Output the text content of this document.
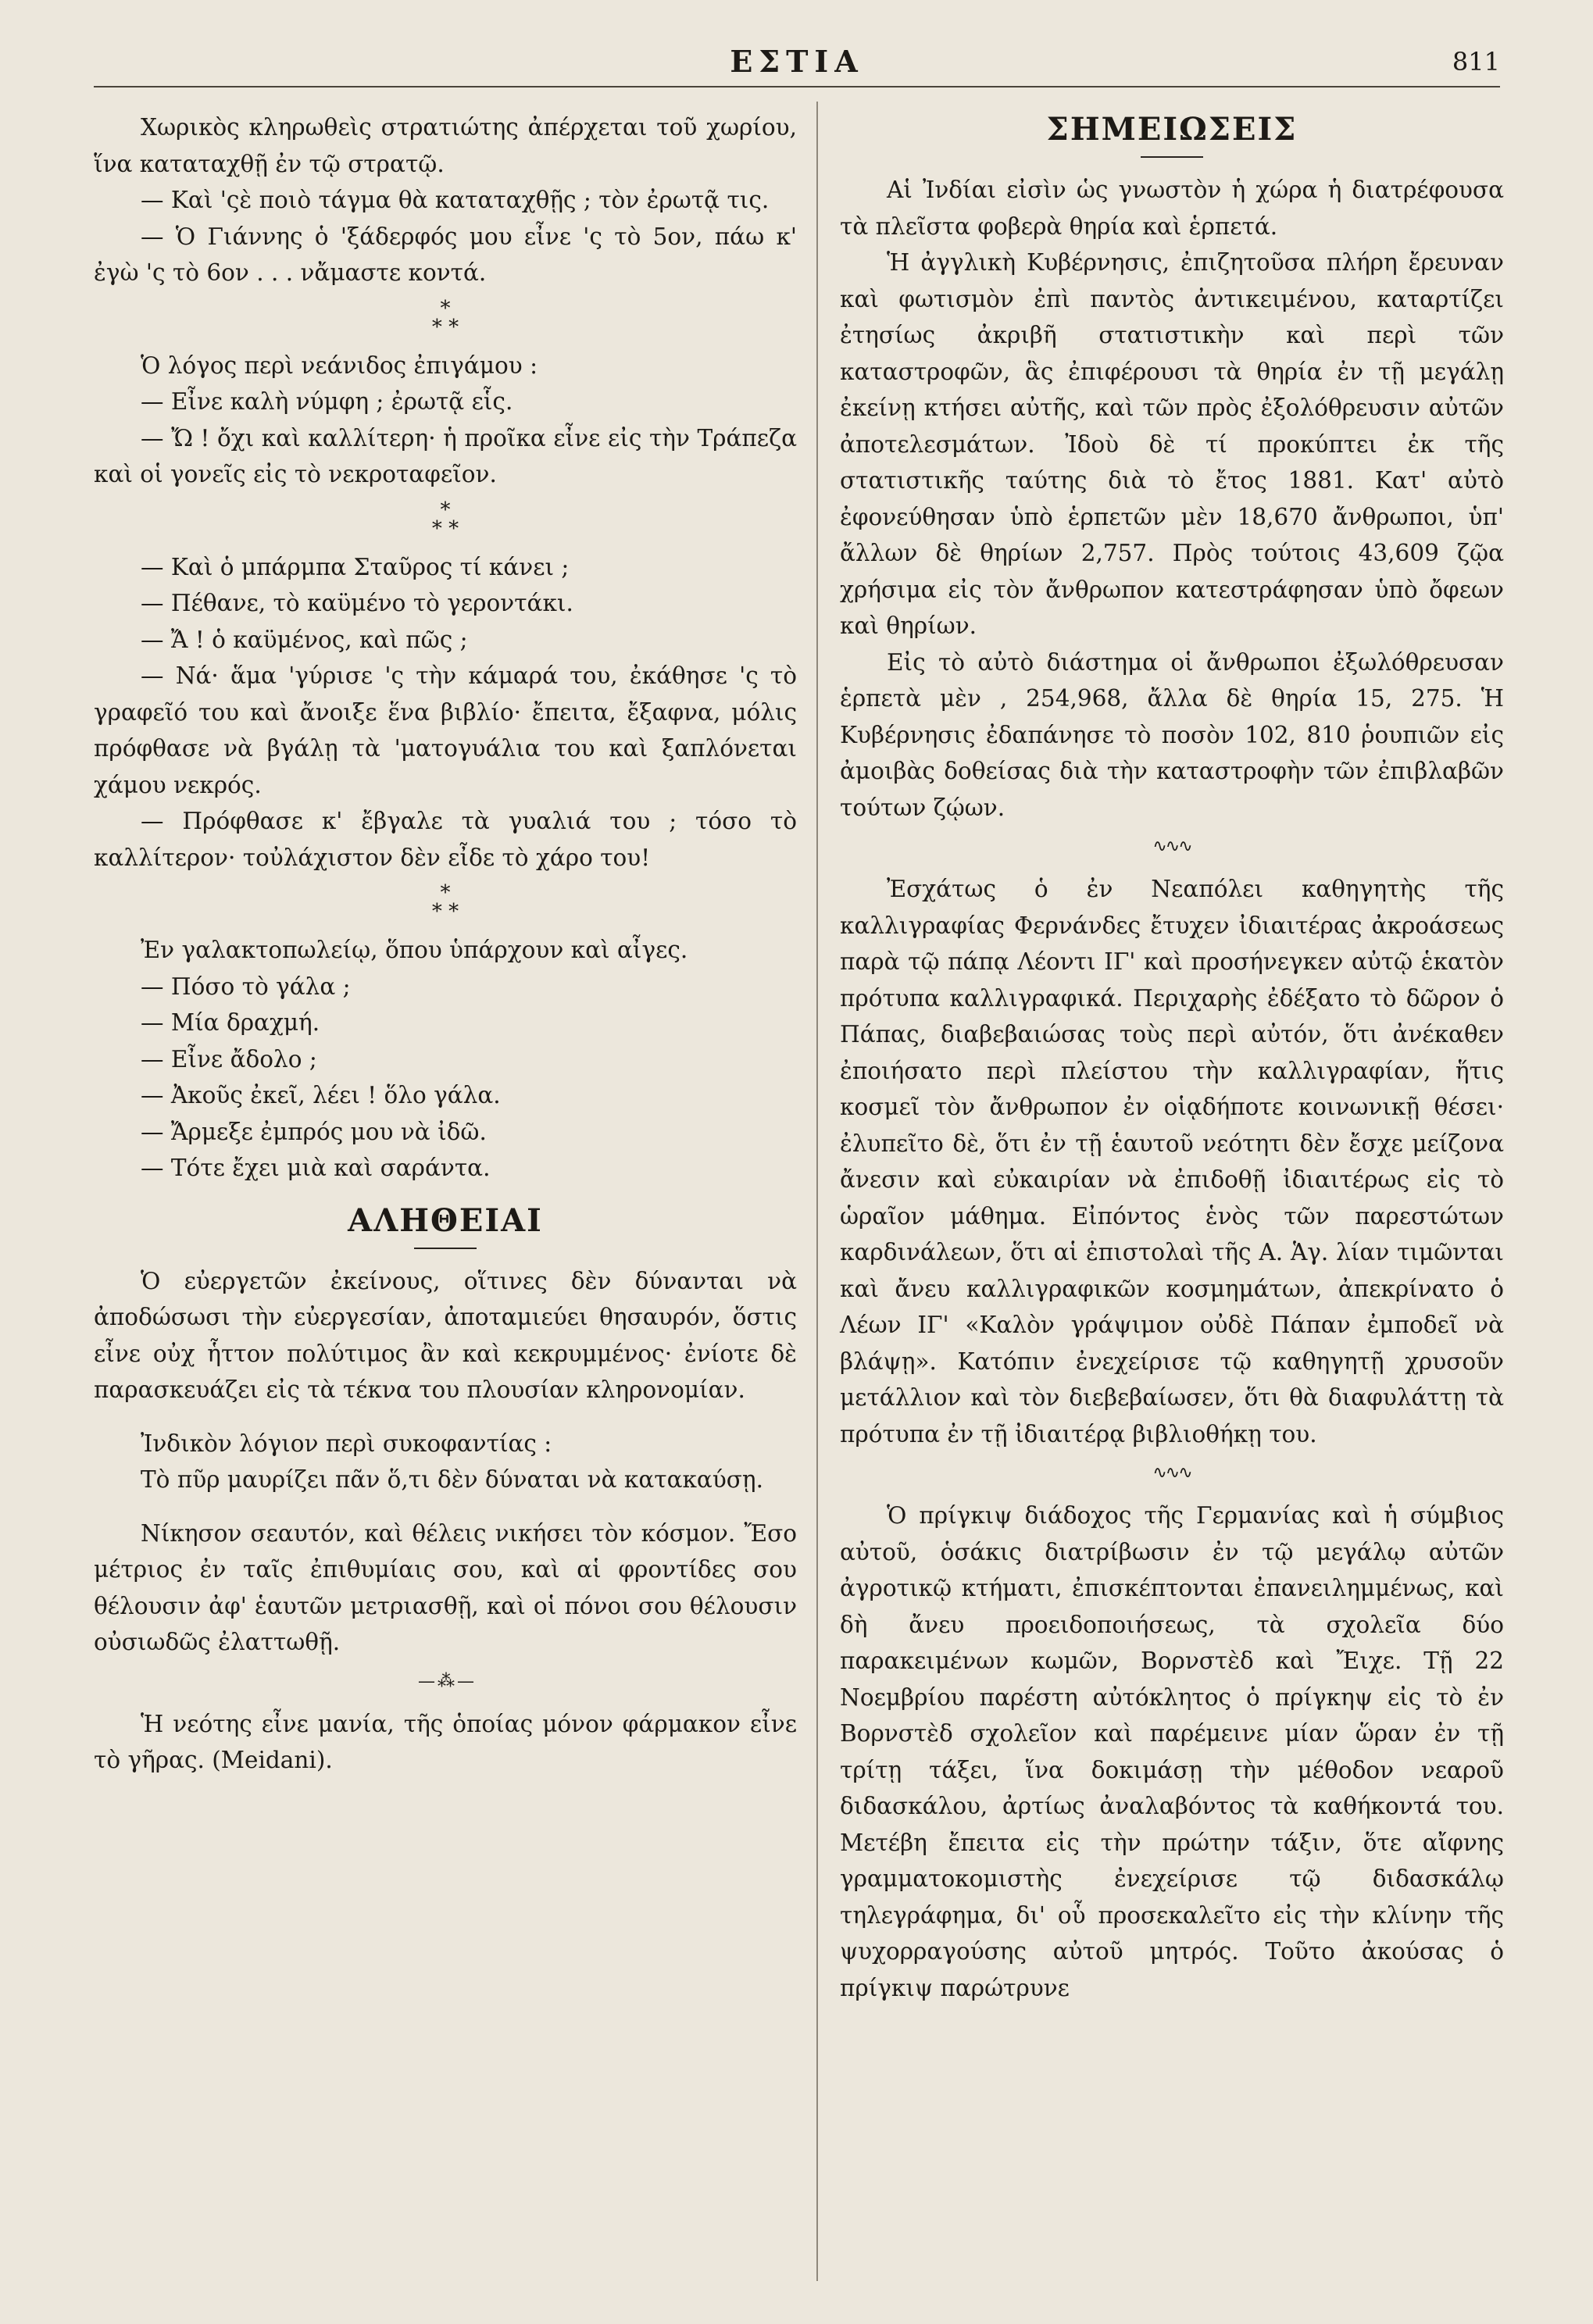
ΕΣΤΙΑ	811

Χωρικὸς κληρωθεὶς στρατιώτης ἀπέρχεται τοῦ χωρίου, ἵνα καταταχθῇ ἐν τῷ στρατῷ.

— Καὶ 'ςὲ ποιὸ τάγμα θὰ καταταχθῇς ; τὸν ἐρωτᾷ τις.

— Ὁ Γιάννης ὁ 'ξάδερφός μου εἶνε 'ς τὸ 5ον, πάω κ' ἐγὼ 'ς τὸ 6ον . . . νἄμαστε κοντά.

*
* *

Ὁ λόγος περὶ νεάνιδος ἐπιγάμου :

— Εἶνε καλὴ νύμφη ; ἐρωτᾷ εἷς.

— Ὤ ! ὄχι καὶ καλλίτερη· ἡ προῖκα εἶνε εἰς τὴν Τράπεζα καὶ οἱ γονεῖς εἰς τὸ νεκροταφεῖον.

*
* *

— Καὶ ὁ μπάρμπα Σταῦρος τί κάνει ;

— Πέθανε, τὸ καϋμένο τὸ γεροντάκι.

— Ἄ ! ὁ καϋμένος, καὶ πῶς ;

— Νά· ἅμα 'γύρισε 'ς τὴν κάμαρά του, ἐκάθησε 'ς τὸ γραφεῖό του καὶ ἄνοιξε ἕνα βιβλίο· ἔπειτα, ἔξαφνα, μόλις πρόφθασε νὰ βγάλῃ τὰ 'ματογυάλια του καὶ ξαπλόνεται χάμου νεκρός.

— Πρόφθασε κ' ἔβγαλε τὰ γυαλιά του ; τόσο τὸ καλλίτερον· τοὐλάχιστον δὲν εἶδε τὸ χάρο του!

*
* *

Ἐν γαλακτοπωλείῳ, ὅπου ὑπάρχουν καὶ αἶγες.

— Πόσο τὸ γάλα ;

— Μία δραχμή.

— Εἶνε ἄδολο ;

— Ἀκοῦς ἐκεῖ, λέει ! ὅλο γάλα.

— Ἄρμεξε ἐμπρός μου νὰ ἰδῶ.

— Τότε ἔχει μιὰ καὶ σαράντα.

ΑΛΗΘΕΙΑΙ

Ὁ εὐεργετῶν ἐκείνους, οἵτινες δὲν δύνανται νὰ ἀποδώσωσι τὴν εὐεργεσίαν, ἀποταμιεύει θησαυρόν, ὅστις εἶνε οὐχ ἧττον πολύτιμος ἂν καὶ κεκρυμμένος· ἐνίοτε δὲ παρασκευάζει εἰς τὰ τέκνα του πλουσίαν κληρονομίαν.

Ἰνδικὸν λόγιον περὶ συκοφαντίας :

Τὸ πῦρ μαυρίζει πᾶν ὅ,τι δὲν δύναται νὰ κατακαύσῃ.

Νίκησον σεαυτόν, καὶ θέλεις νικήσει τὸν κόσμον. Ἔσο μέτριος ἐν ταῖς ἐπιθυμίαις σου, καὶ αἱ φροντίδες σου θέλουσιν ἀφ' ἑαυτῶν μετριασθῇ, καὶ οἱ πόνοι σου θέλουσιν οὐσιωδῶς ἐλαττωθῇ.

— ⁂ —

Ἡ νεότης εἶνε μανία, τῆς ὁποίας μόνον φάρμακον εἶνε τὸ γῆρας. (Meidani).

ΣΗΜΕΙΩΣΕΙΣ

Αἱ Ἰνδίαι εἰσὶν ὡς γνωστὸν ἡ χώρα ἡ διατρέφουσα τὰ πλεῖστα φοβερὰ θηρία καὶ ἑρπετά.

Ἡ ἀγγλικὴ Κυβέρνησις, ἐπιζητοῦσα πλήρη ἔρευναν καὶ φωτισμὸν ἐπὶ παντὸς ἀντικειμένου, καταρτίζει ἐτησίως ἀκριβῆ στατιστικὴν καὶ περὶ τῶν καταστροφῶν, ἃς ἐπιφέρουσι τὰ θηρία ἐν τῇ μεγάλῃ ἐκείνῃ κτήσει αὐτῆς, καὶ τῶν πρὸς ἐξολόθρευσιν αὐτῶν ἀποτελεσμάτων. Ἰδοὺ δὲ τί προκύπτει ἐκ τῆς στατιστικῆς ταύτης διὰ τὸ ἔτος 1881. Κατ' αὐτὸ ἐφονεύθησαν ὑπὸ ἑρπετῶν μὲν 18,670 ἄνθρωποι, ὑπ' ἄλλων δὲ θηρίων 2,757. Πρὸς τούτοις 43,609 ζῷα χρήσιμα εἰς τὸν ἄνθρωπον κατεστράφησαν ὑπὸ ὄφεων καὶ θηρίων.

Εἰς τὸ αὐτὸ διάστημα οἱ ἄνθρωποι ἐξωλόθρευσαν ἑρπετὰ μὲν , 254,968, ἄλλα δὲ θηρία 15, 275. Ἡ Κυβέρνησις ἐδαπάνησε τὸ ποσὸν 102, 810 ῥουπιῶν εἰς ἀμοιβὰς δοθείσας διὰ τὴν καταστροφὴν τῶν ἐπιβλαβῶν τούτων ζῴων.

∿∿∿

Ἐσχάτως ὁ ἐν Νεαπόλει καθηγητὴς τῆς καλλιγραφίας Φερνάνδες ἔτυχεν ἰδιαιτέρας ἀκροάσεως παρὰ τῷ πάπᾳ Λέοντι ΙΓ' καὶ προσήνεγκεν αὐτῷ ἑκατὸν πρότυπα καλλιγραφικά. Περιχαρὴς ἐδέξατο τὸ δῶρον ὁ Πάπας, διαβεβαιώσας τοὺς περὶ αὐτόν, ὅτι ἀνέκαθεν ἐποιήσατο περὶ πλείστου τὴν καλλιγραφίαν, ἥτις κοσμεῖ τὸν ἄνθρωπον ἐν οἱᾳδήποτε κοινωνικῇ θέσει· ἐλυπεῖτο δὲ, ὅτι ἐν τῇ ἑαυτοῦ νεότητι δὲν ἔσχε μείζονα ἄνεσιν καὶ εὐκαιρίαν νὰ ἐπιδοθῇ ἰδιαιτέρως εἰς τὸ ὡραῖον μάθημα. Εἰπόντος ἑνὸς τῶν παρεστώτων καρδινάλεων, ὅτι αἱ ἐπιστολαὶ τῆς Α. Ἁγ. λίαν τιμῶνται καὶ ἄνευ καλλιγραφικῶν κοσμημάτων, ἀπεκρίνατο ὁ Λέων ΙΓ' «Καλὸν γράψιμον οὐδὲ Πάπαν ἐμποδεῖ νὰ βλάψῃ». Κατόπιν ἐνεχείρισε τῷ καθηγητῇ χρυσοῦν μετάλλιον καὶ τὸν διεβεβαίωσεν, ὅτι θὰ διαφυλάττῃ τὰ πρότυπα ἐν τῇ ἰδιαιτέρᾳ βιβλιοθήκῃ του.

∿∿∿

Ὁ πρίγκιψ διάδοχος τῆς Γερμανίας καὶ ἡ σύμβιος αὐτοῦ, ὁσάκις διατρίβωσιν ἐν τῷ μεγάλῳ αὐτῶν ἀγροτικῷ κτήματι, ἐπισκέπτονται ἐπανειλημμένως, καὶ δὴ ἄνευ προειδοποιήσεως, τὰ σχολεῖα δύο παρακειμένων κωμῶν, Βορνστὲδ καὶ Ἔιχε. Τῇ 22 Νοεμβρίου παρέστη αὐτόκλητος ὁ πρίγκηψ εἰς τὸ ἐν Βορνστὲδ σχολεῖον καὶ παρέμεινε μίαν ὥραν ἐν τῇ τρίτῃ τάξει, ἵνα δοκιμάσῃ τὴν μέθοδον νεαροῦ διδασκάλου, ἀρτίως ἀναλαβόντος τὰ καθήκοντά του. Μετέβη ἔπειτα εἰς τὴν πρώτην τάξιν, ὅτε αἴφνης γραμματοκομιστὴς ἐνεχείρισε τῷ διδασκάλῳ τηλεγράφημα, δι' οὗ προσεκαλεῖτο εἰς τὴν κλίνην τῆς ψυχορραγούσης αὐτοῦ μητρός. Τοῦτο ἀκούσας ὁ πρίγκιψ παρώτρυνε
